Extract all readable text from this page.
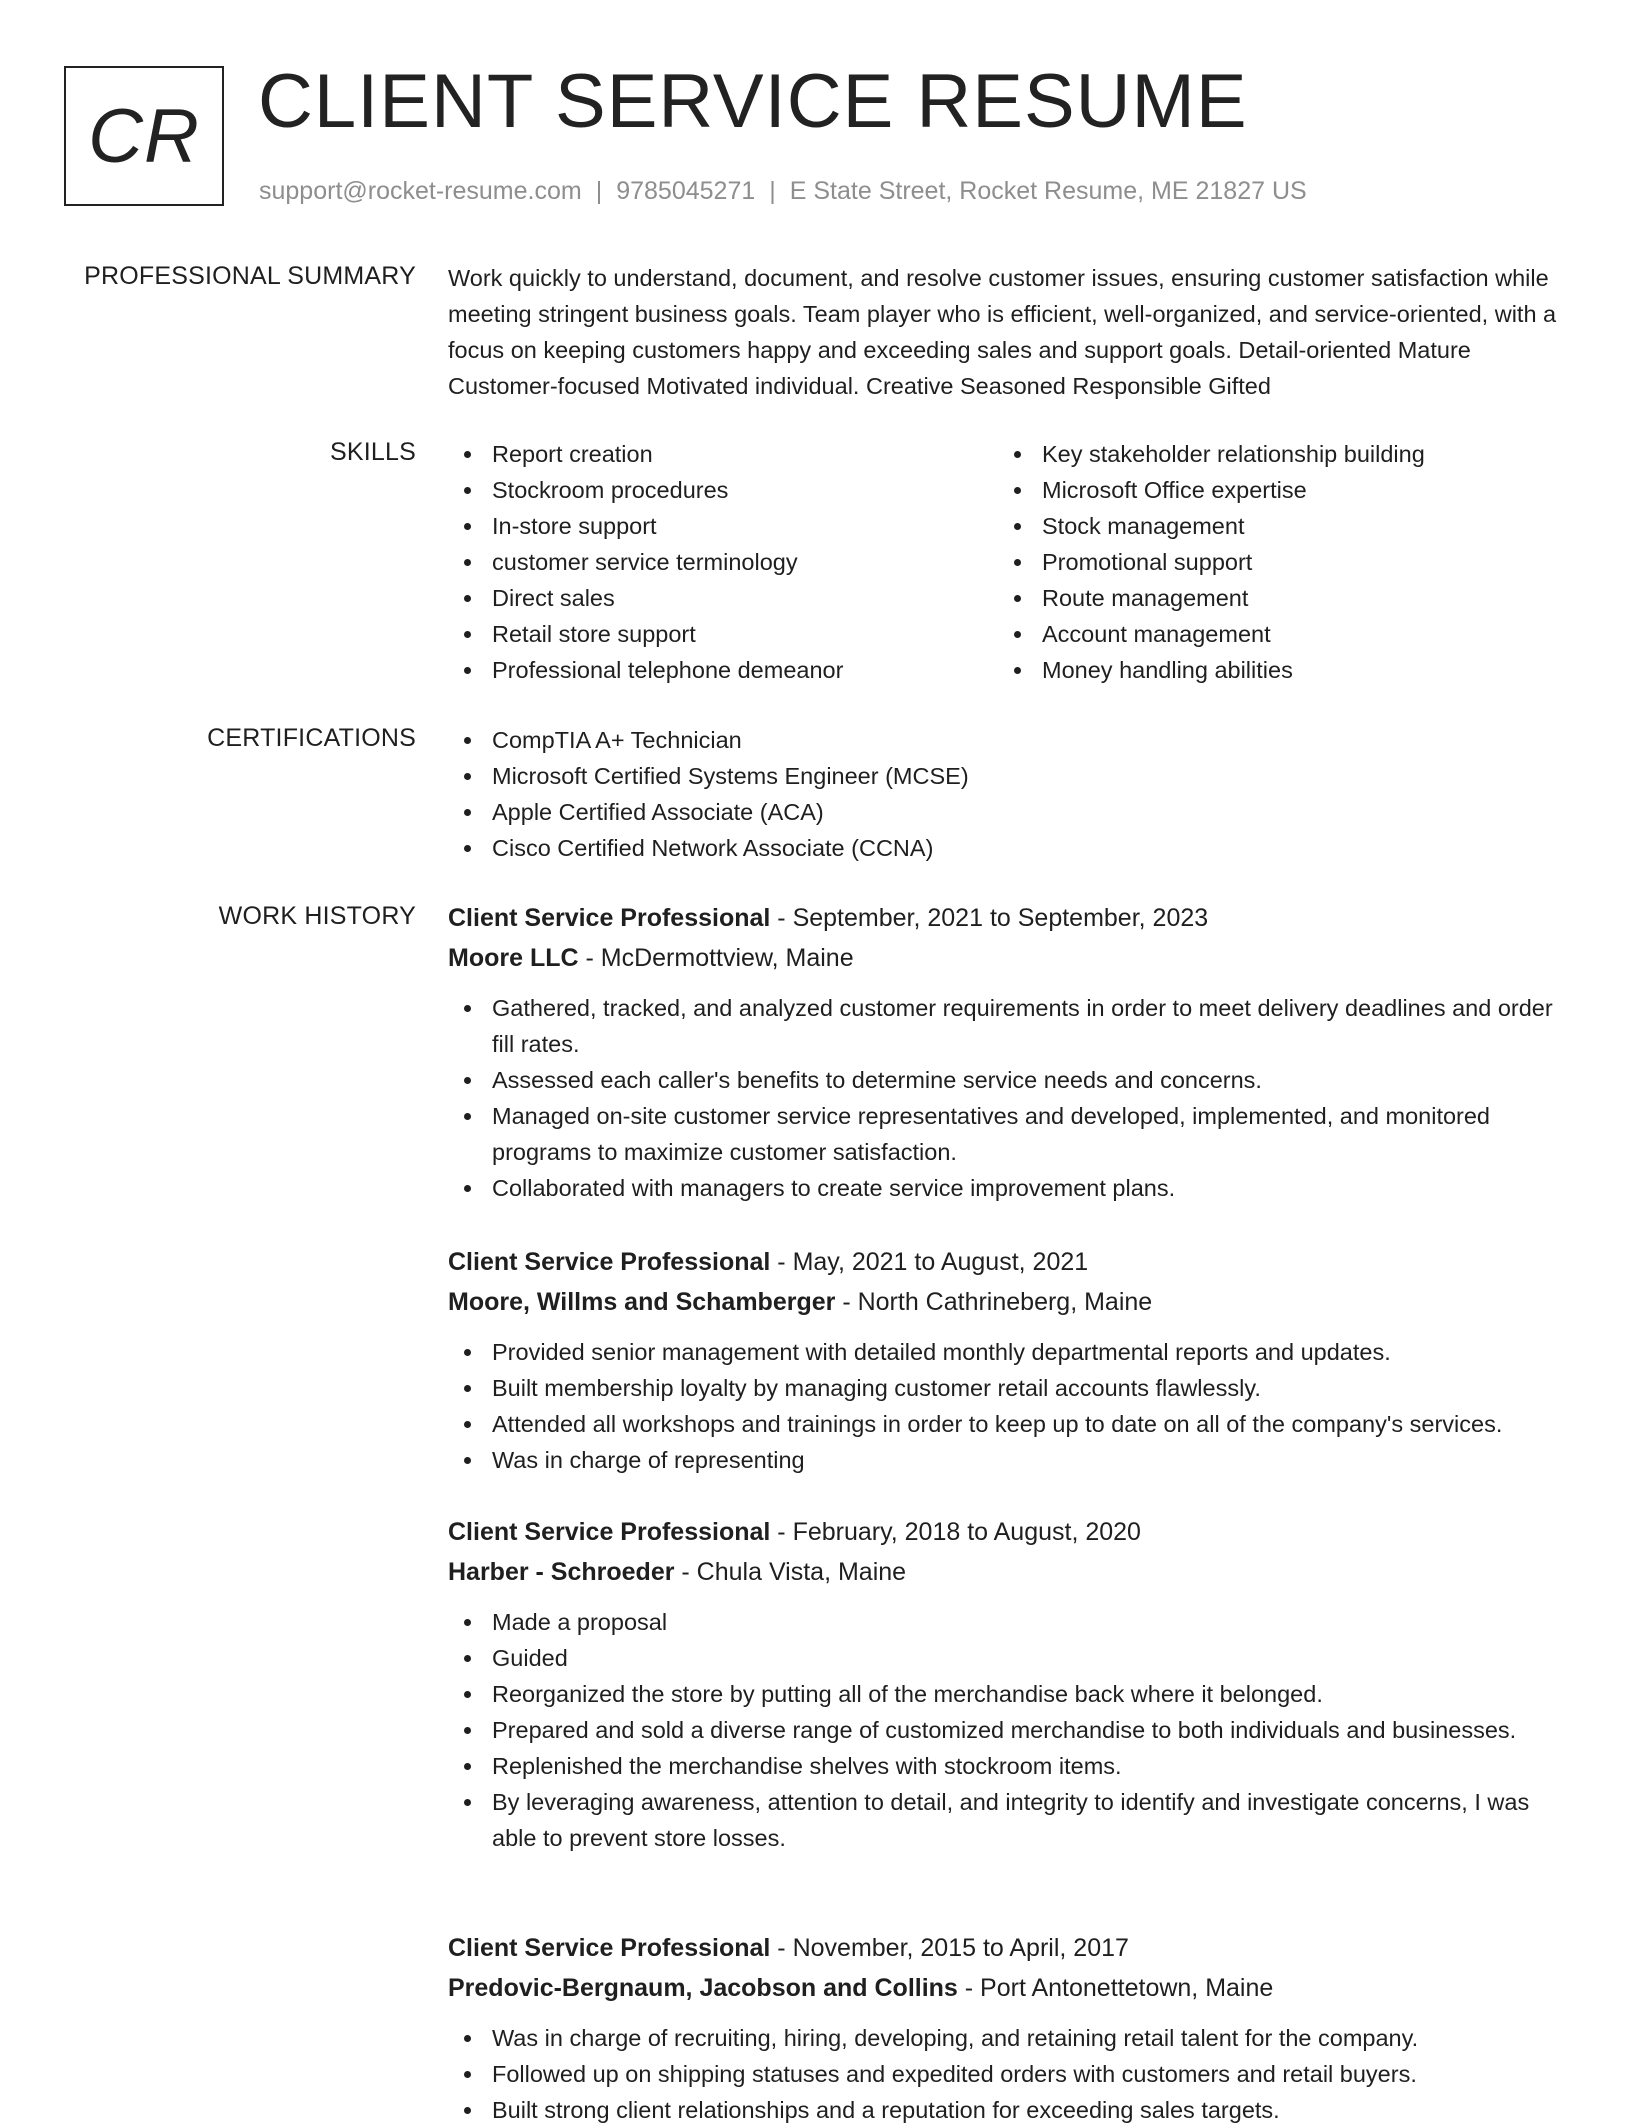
CR CLIENT SERVICE RESUME
support@rocket-resume.com | 9785045271 | E State Street, Rocket Resume, ME 21827 US
PROFESSIONAL SUMMARY Work quickly to understand, document, and resolve customer issues, ensuring customer satisfaction while meeting stringent business goals. Team player who is efficient, well-organized, and service-oriented, with a focus on keeping customers happy and exceeding sales and support goals. Detail-oriented Mature Customer-focused Motivated individual. Creative Seasoned Responsible Gifted

SKILLS	Report creation
Stockroom procedures
In-store support
customer service terminology
Direct sales
Retail store support
Professional telephone demeanor
Key stakeholder relationship building
Microsoft Office expertise
Stock management
Promotional support
Route management
Account management
Money handling abilities
CERTIFICATIONS	CompTIA A+ Technician
Microsoft Certified Systems Engineer (MCSE)
Apple Certified Associate (ACA)
Cisco Certified Network Associate (CCNA)
WORK HISTORY Client Service Professional - September, 2021 to September, 2023
Moore LLC - McDermottview, Maine
Gathered, tracked, and analyzed customer requirements in order to meet delivery deadlines and order fill rates.
Assessed each caller's benefits to determine service needs and concerns.
Managed on-site customer service representatives and developed, implemented, and monitored programs to maximize customer satisfaction.
Collaborated with managers to create service improvement plans.
Client Service Professional - May, 2021 to August, 2021
Moore, Willms and Schamberger - North Cathrineberg, Maine
Provided senior management with detailed monthly departmental reports and updates.
Built membership loyalty by managing customer retail accounts flawlessly.
Attended all workshops and trainings in order to keep up to date on all of the company's services.
Was in charge of representing
Client Service Professional - February, 2018 to August, 2020
Harber - Schroeder - Chula Vista, Maine
Made a proposal
Guided
Reorganized the store by putting all of the merchandise back where it belonged.
Prepared and sold a diverse range of customized merchandise to both individuals and businesses.
Replenished the merchandise shelves with stockroom items.
By leveraging awareness, attention to detail, and integrity to identify and investigate concerns, I was able to prevent store losses.
Client Service Professional - November, 2015 to April, 2017
Predovic-Bergnaum, Jacobson and Collins - Port Antonettetown, Maine
Was in charge of recruiting, hiring, developing, and retaining retail talent for the company.
Followed up on shipping statuses and expedited orders with customers and retail buyers.
Built strong client relationships and a reputation for exceeding sales targets.
